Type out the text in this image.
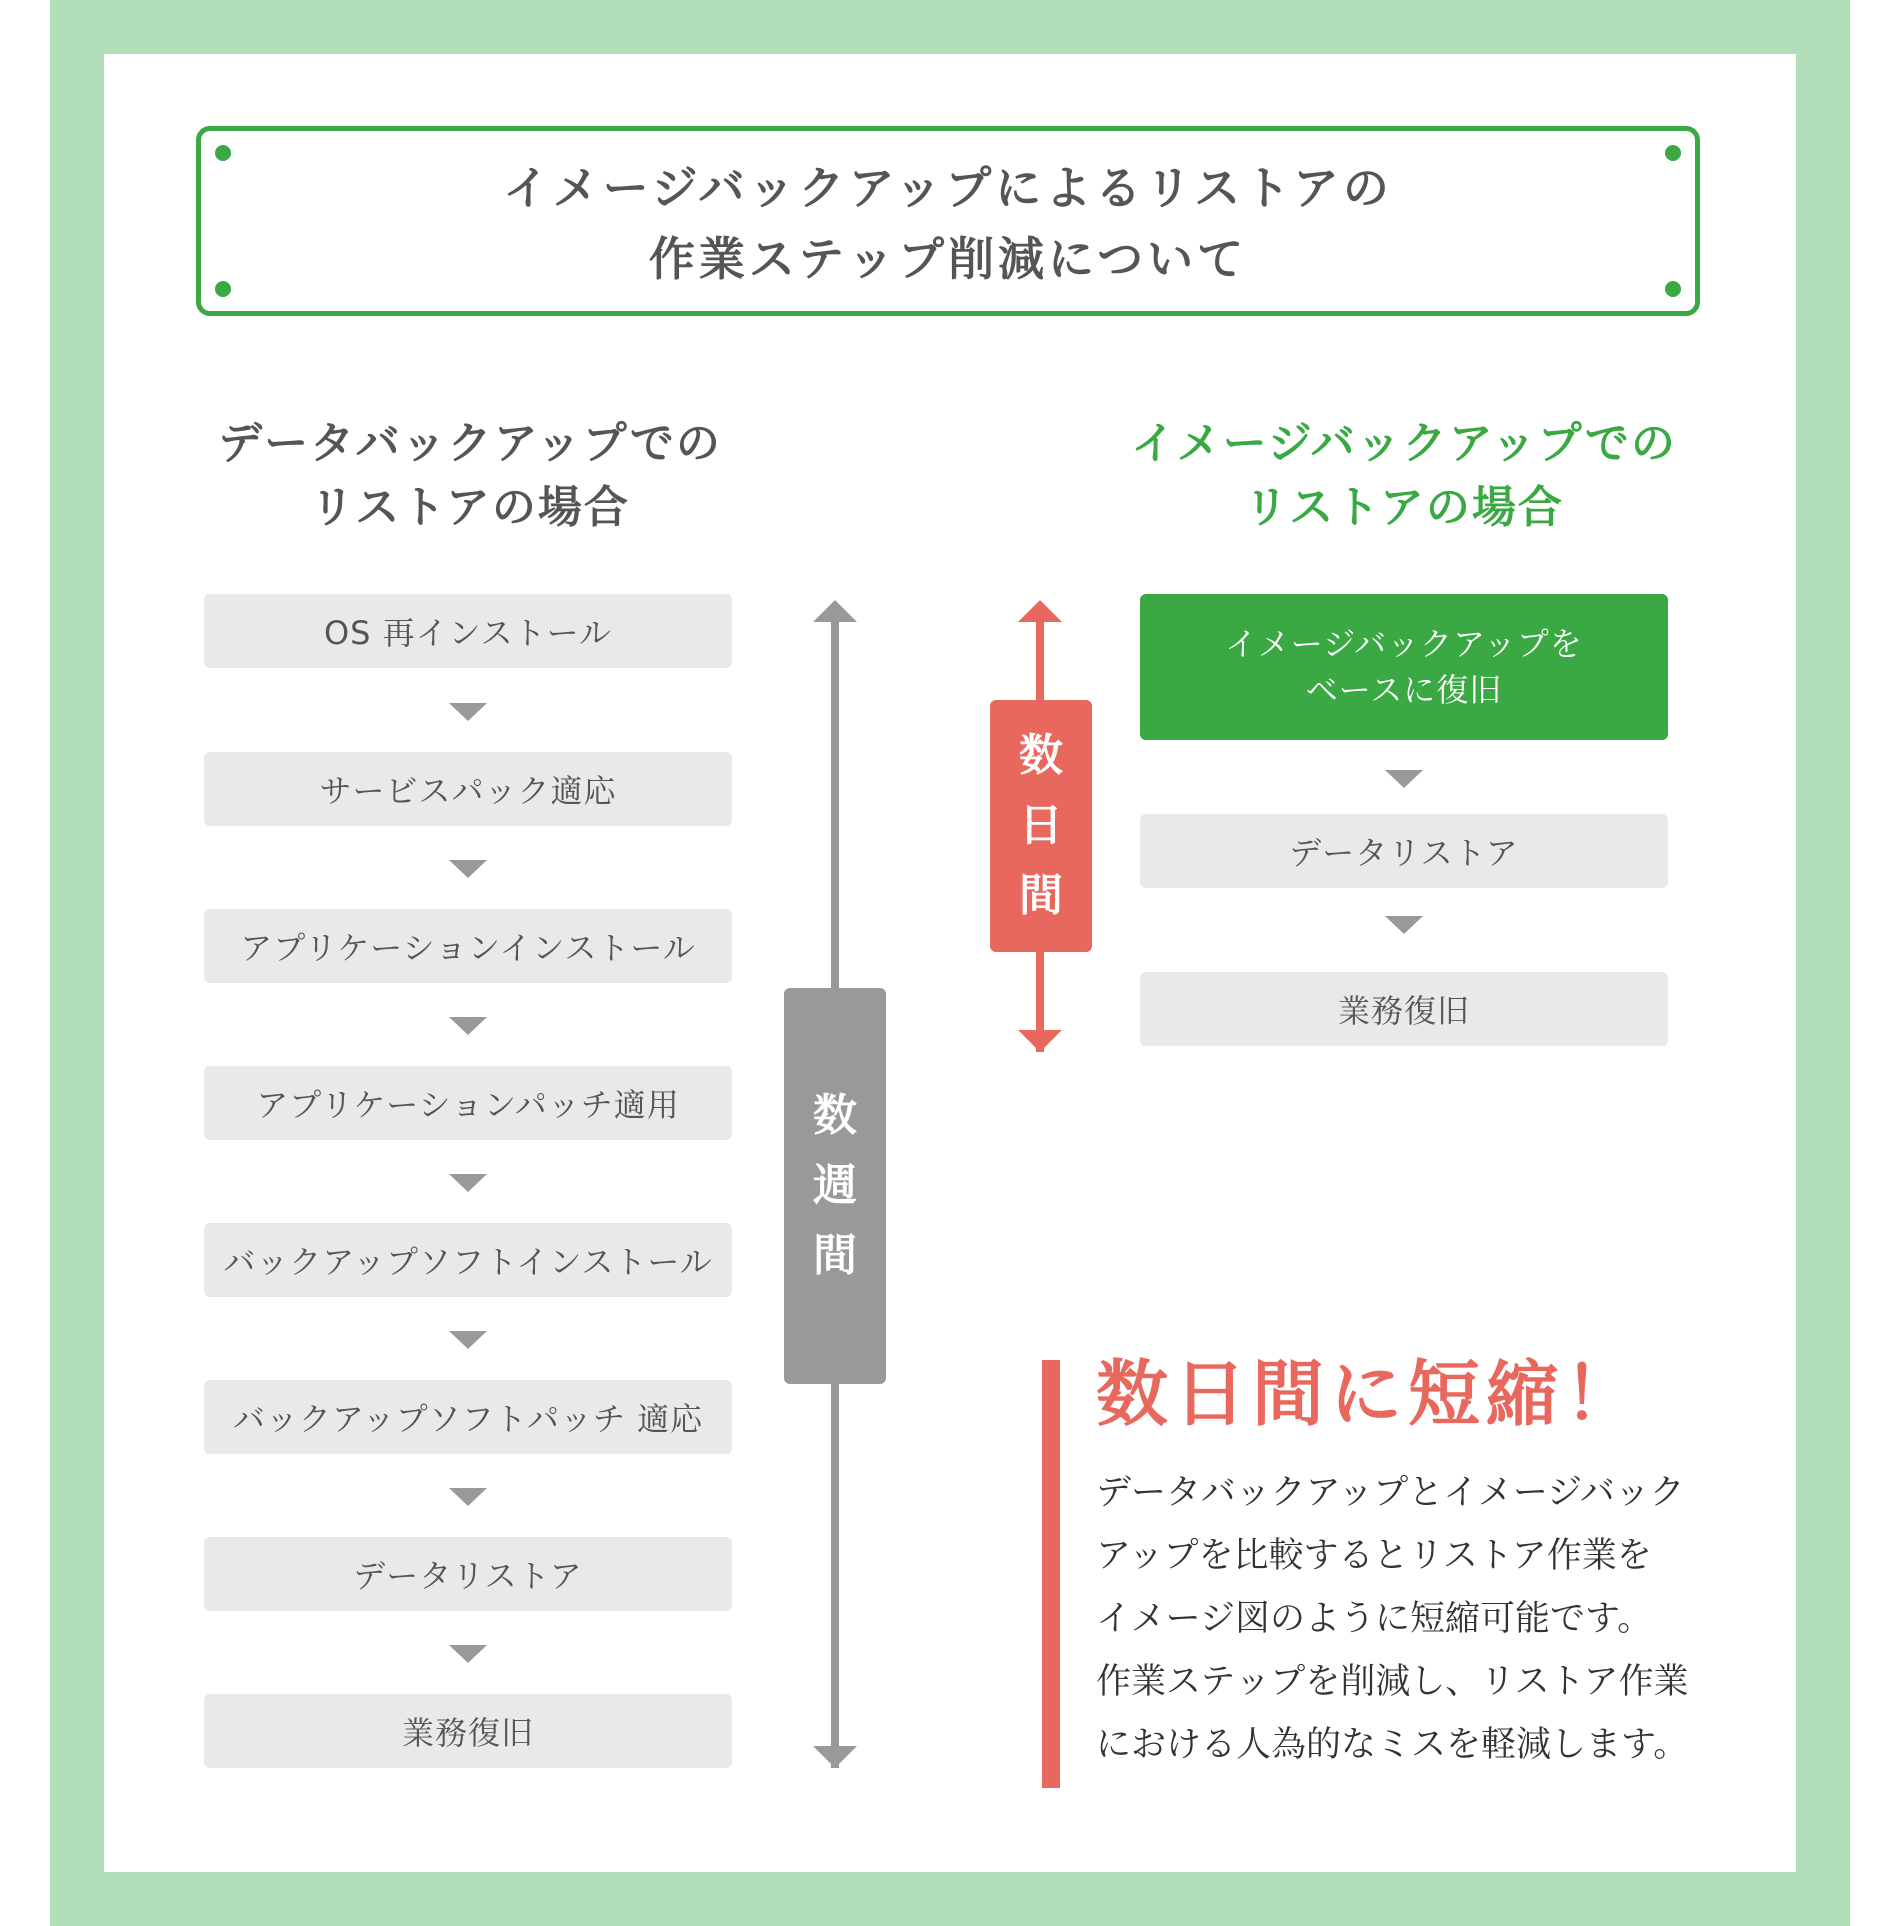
イメージバックアップによるリストアの
作業ステップ削減について
データバックアップでの
リストアの場合
イメージバックアップでの
リストアの場合
OS 再インストール
サービスパック適応
アプリケーションインストール
アプリケーションパッチ適用
バックアップソフトインストール
バックアップソフトパッチ 適応
データリストア
業務復旧
数
週
間
数
日
間
イメージバックアップを
ベースに復旧
データリストア
業務復旧
数日間に短縮！
データバックアップとイメージバック
アップを比較するとリストア作業を
イメージ図のように短縮可能です。
作業ステップを削減し、リストア作業
における人為的なミスを軽減します。
